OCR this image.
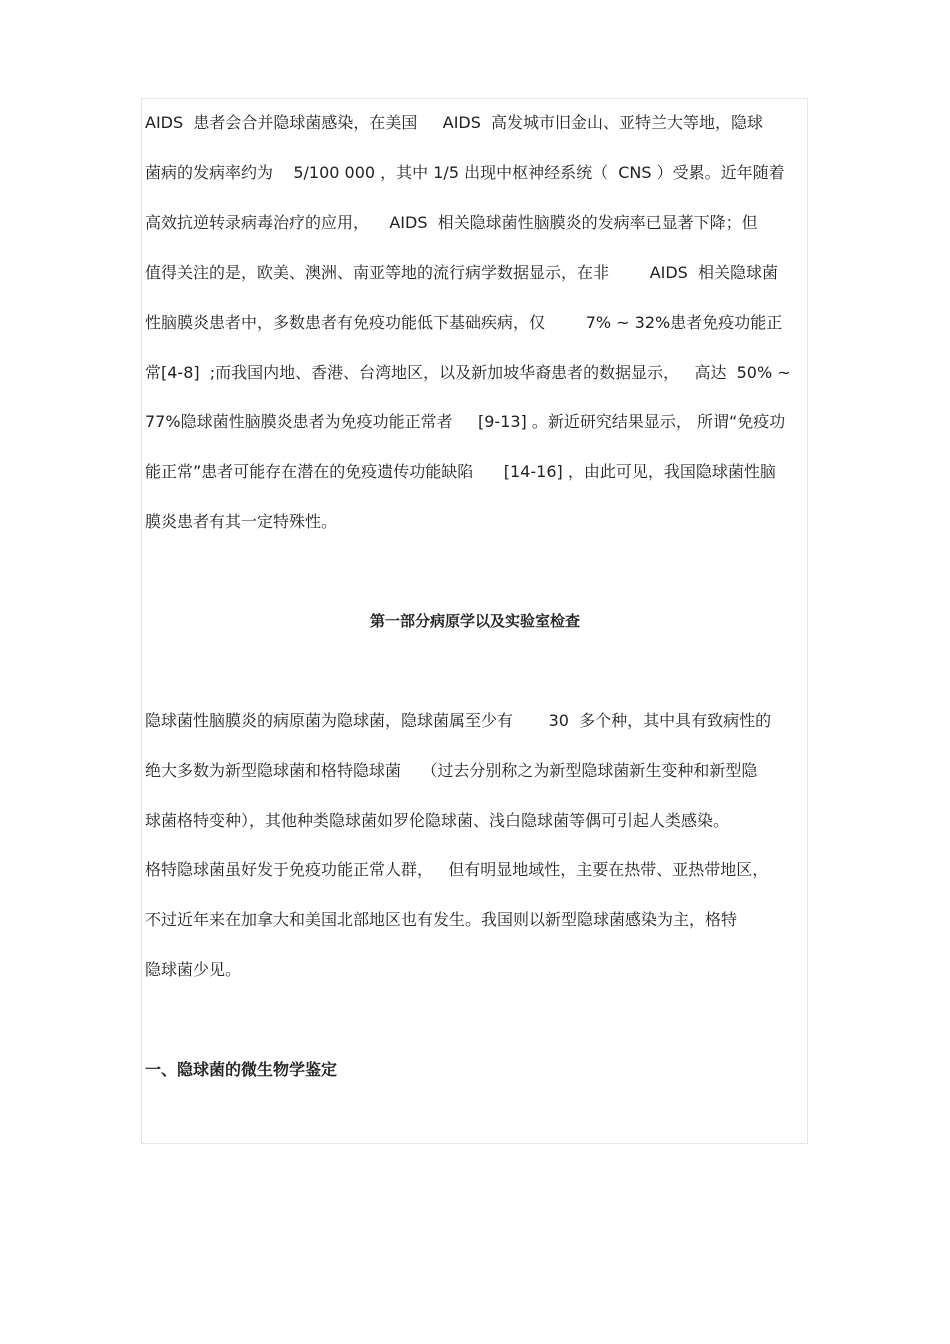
AIDS  患者会合并隐球菌感染，在美国     AIDS  高发城市旧金山、亚特兰大等地，隐球
菌病的发病率约为    5/100 000 ，其中 1/5 出现中枢神经系统（  CNS ）受累。近年随着
高效抗逆转录病毒治疗的应用，    AIDS  相关隐球菌性脑膜炎的发病率已显著下降；但
值得关注的是，欧美、澳洲、南亚等地的流行病学数据显示，在非        AIDS  相关隐球菌
性脑膜炎患者中，多数患者有免疫功能低下基础疾病，仅        7% ~ 32%患者免疫功能正
常[4-8]  ;而我国内地、香港、台湾地区，以及新加坡华裔患者的数据显示，   高达  50% ~
77%隐球菌性脑膜炎患者为免疫功能正常者     [9-13] 。新近研究结果显示， 所谓“免疫功
能正常”患者可能存在潜在的免疫遗传功能缺陷      [14-16] ，由此可见，我国隐球菌性脑
膜炎患者有其一定特殊性。
第一部分病原学以及实验室检查
隐球菌性脑膜炎的病原菌为隐球菌，隐球菌属至少有       30  多个种，其中具有致病性的
绝大多数为新型隐球菌和格特隐球菌    （过去分别称之为新型隐球菌新生变种和新型隐
球菌格特变种），其他种类隐球菌如罗伦隐球菌、浅白隐球菌等偶可引起人类感染。
格特隐球菌虽好发于免疫功能正常人群，   但有明显地域性，主要在热带、亚热带地区，
不过近年来在加拿大和美国北部地区也有发生。我国则以新型隐球菌感染为主，格特
隐球菌少见。
一、隐球菌的微生物学鉴定
